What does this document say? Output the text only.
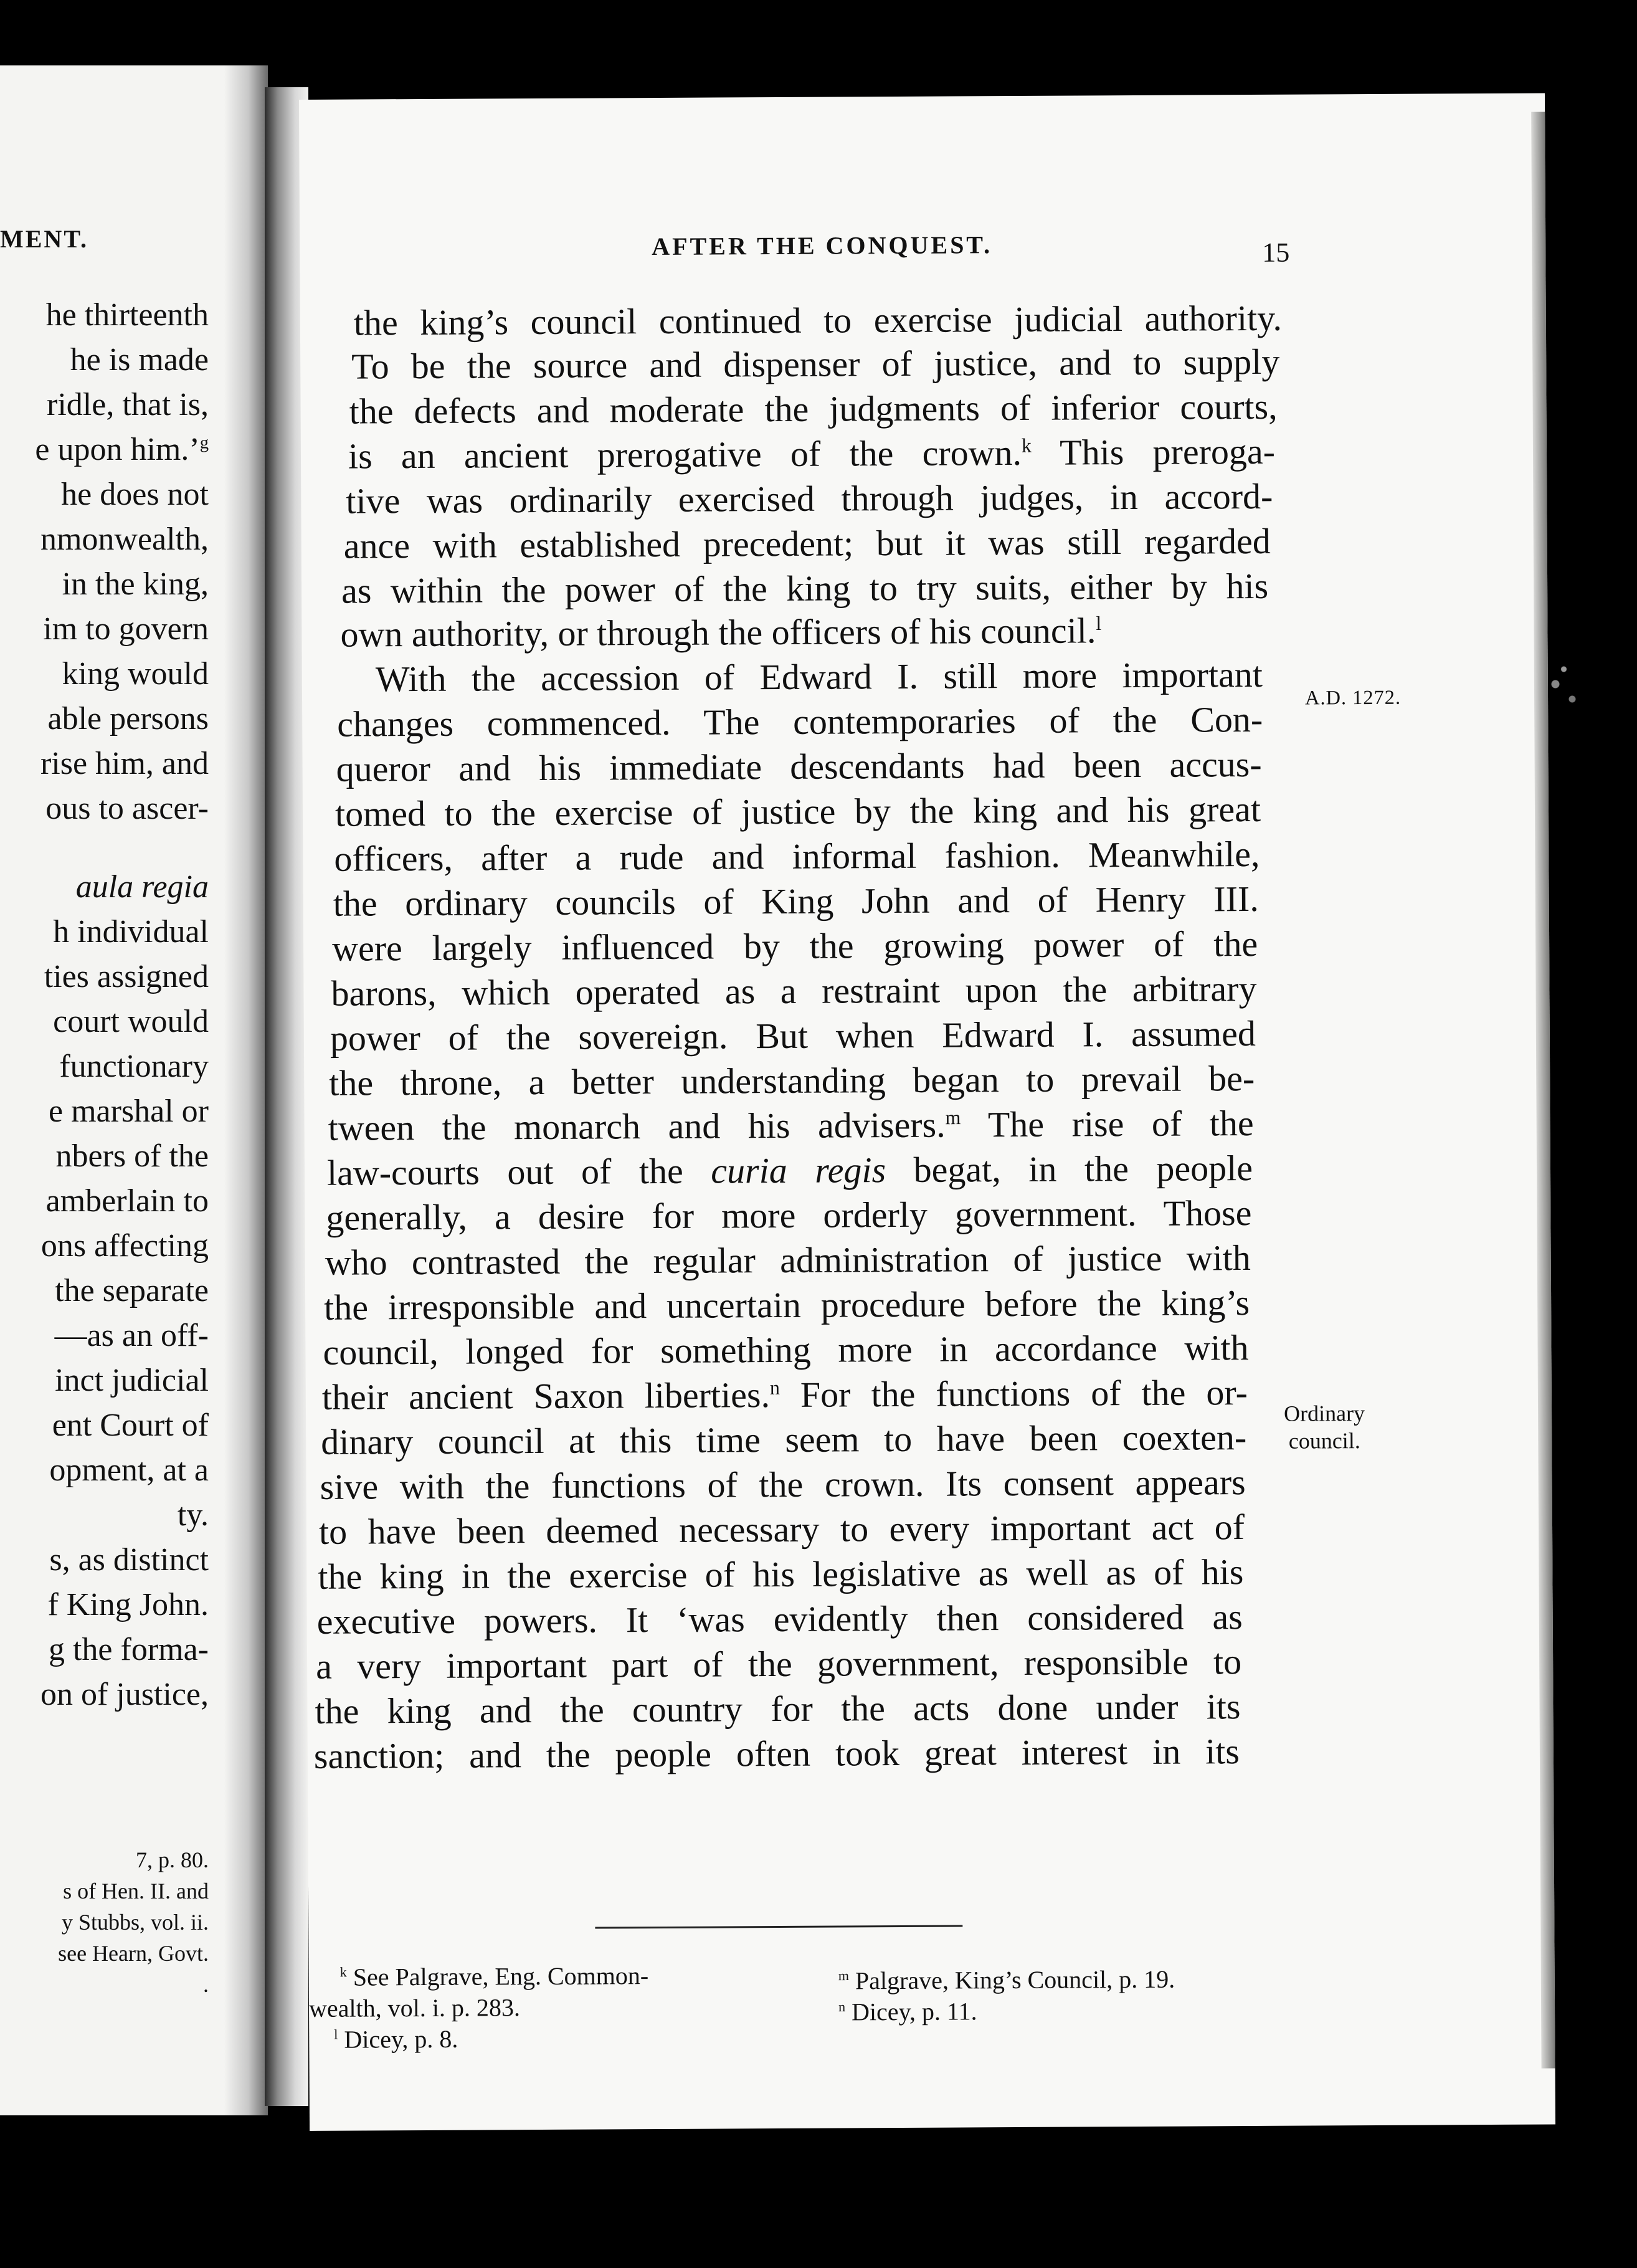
MENT.
he thirteenth
he is made
ridle, that is,
e upon him.’$^g$
he does not
nmonwealth,
in the king,
im to govern
king would
able persons
rise him, and
ous to ascer-
aula regia
h individual
ties assigned
court would
functionary
e marshal or
nbers of the
amberlain to
ons affecting
the separate
—as an off-
inct judicial
ent Court of
opment, at a
ty.
s, as distinct
f King John.
g the forma-
on of justice,
7, p. 80.
s of Hen. II. and
y Stubbs, vol. ii.
see Hearn, Govt.
.
AFTER THE CONQUEST.	15
the king’s council continued to exercise judicial authority.
To be the source and dispenser of justice, and to supply
the defects and moderate the judgments of inferior courts,
is an ancient prerogative of the crown.$^k$ This preroga-
tive was ordinarily exercised through judges, in accord-
ance with established precedent; but it was still regarded
as within the power of the king to try suits, either by his
own authority, or through the officers of his council.$^l$
With the accession of Edward I. still more important
changes commenced. The contemporaries of the Con-
queror and his immediate descendants had been accus-
tomed to the exercise of justice by the king and his great
officers, after a rude and informal fashion. Meanwhile,
the ordinary councils of King John and of Henry III.
were largely influenced by the growing power of the
barons, which operated as a restraint upon the arbitrary
power of the sovereign. But when Edward I. assumed
the throne, a better understanding began to prevail be-
tween the monarch and his advisers.$^m$ The rise of the
law-courts out of the curia regis begat, in the people
generally, a desire for more orderly government. Those
who contrasted the regular administration of justice with
the irresponsible and uncertain procedure before the king’s
council, longed for something more in accordance with
their ancient Saxon liberties.$^n$ For the functions of the or-
dinary council at this time seem to have been coexten-
sive with the functions of the crown. Its consent appears
to have been deemed necessary to every important act of
the king in the exercise of his legislative as well as of his
executive powers. It ‘was evidently then considered as
a very important part of the government, responsible to
the king and the country for the acts done under its
sanction; and the people often took great interest in its
A.D. 1272.
Ordinary
council.
$^k$ See Palgrave, Eng. Common-
wealth, vol. i. p. 283.
$^l$ Dicey, p. 8.
$^m$ Palgrave, King’s Council, p. 19.
$^n$ Dicey, p. 11.
